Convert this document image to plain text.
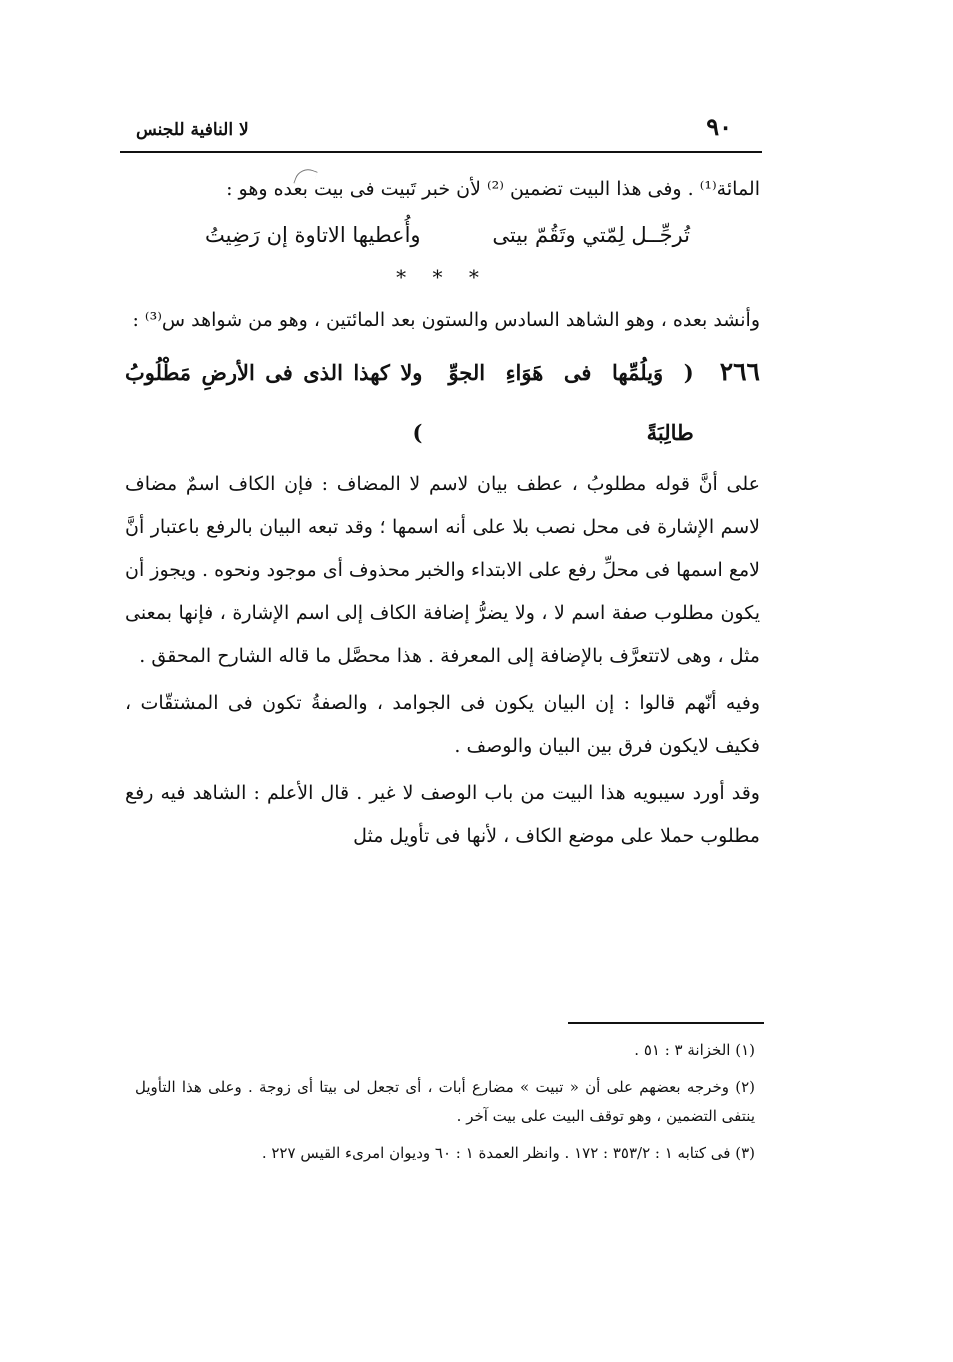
٩٠
لا النافية للجنس

المائة⁽¹⁾ . وفى هذا البيت تضمين ⁽²⁾ لأن خبر تَبيت فى بيت بعده وهو :

تُرجِّــل لِمّتي وتَقُمّ بيتى
وأُعطيها الاتاوة إن رَضِيتُ
* * *

وأنشد بعده ، وهو الشاهد السادس والستون بعد المائتين ، وهو من شواهد س⁽³⁾ :

٢٦٦
( وَيلُمِّها فى هَوَاءِ الجوِّ طالِبَةً
ولا كهذا الذى فى الأرضِ مَطْلُوبُ )

على أنَّ قوله مطلوبُ ، عطف بيان لاسم لا المضاف : فإن الكاف اسمٌ مضاف لاسم الإشارة فى محل نصب بلا على أنه اسمها ؛ وقد تبعه البيان بالرفع باعتبار أنَّ لامع اسمها فى محلِّ رفع على الابتداء والخبر محذوف أى موجود ونحوه . ويجوز أن يكون مطلوب صفة اسم لا ، ولا يضرُّ إضافة الكاف إلى اسم الإشارة ، فإنها بمعنى مثل ، وهى لاتتعرَّف بالإضافة إلى المعرفة . هذا محصَّل ما قاله الشارح المحقق .

وفيه أنّهم قالوا : إن البيان يكون فى الجوامد ، والصفةُ تكون فى المشتقّات ، فكيف لايكون فرق بين البيان والوصف .

وقد أورد سيبويه هذا البيت من باب الوصف لا غير . قال الأعلم : الشاهد فيه رفع مطلوب حملا على موضع الكاف ، لأنها فى تأويل مثل

(١) الخزانة ٣ : ٥١ .

(٢) وخرجه بعضهم على أن « تبيت » مضارع أبات ، أى تجعل لى بيتا أى زوجة . وعلى هذا التأويل ينتفى التضمين ، وهو توقف البيت على بيت آخر .

(٣) فى كتابه ١ : ٣٥٣/٢ : ١٧٢ . وانظر العمدة ١ : ٦٠ وديوان امرىء القيس ٢٢٧ .
